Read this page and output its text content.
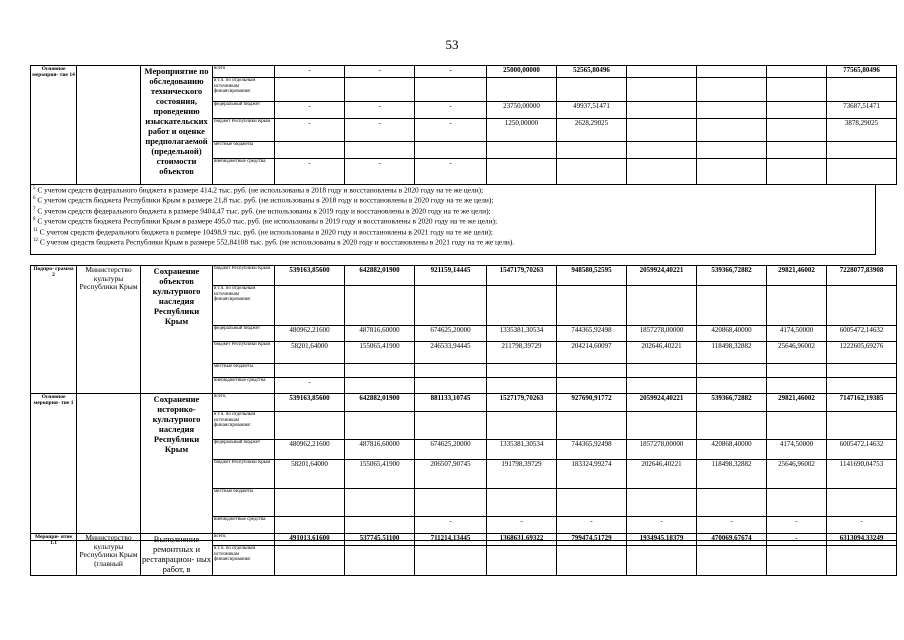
53
Основное мероприя- тие 14		Мероприятие по обследованию технического состояния, проведению изыскательских работ и оценке предполагаемой (предельной) стоимости объектов	всего	-	-	-	25000,00000	52565,80496				77565,80496
			в т.ч. по отдельным источникам финансирования:									
			федеральный бюджет	-	-	-	23750,00000	49937,51471				73687,51471
			бюджет Республики Крым	-	-	-	1250,00000	2628,29025				3878,29025
			местные бюджеты									
			внебюджетные средства	-	-	-						
$^5$ С учетом средств федерального бюджета в размере 414,2 тыс. руб. (не использованы в 2018 году и восстановлены в 2020 году на те же цели);
$^6$ С учетом средств бюджета Республики Крым в размере 21,8 тыс. руб. (не использованы в 2018 году и восстановлены в 2020 году на те же цели);
$^7$ С учетом средств федерального бюджета в размере 9404,47 тыс. руб. (не использованы в 2019 году и восстановлены в 2020 году на те же цели);
$^8$ С учетом средств бюджета Республики Крым в размере 495,0 тыс. руб. (не использованы в 2019 году и восстановлены в 2020 году на те же цели);
$^{11}$ С учетом средств федерального бюджета в размере 10498,9 тыс. руб. (не использованы в 2020 году и восстановлены в 2021 году на те же цели);
$^{12}$ С учетом средств бюджета Республики Крым в размере 552,84108 тыс. руб. (не использованы в 2020 году и восстановлены в 2021 году на те же цели).
Подпро- грамма 2	Министерство культуры Республики Крым	Сохранение объектов культурного наследия Республики Крым	бюджет Республики Крым	539163,85600	642882,01900	921159,14445	1547179,70263	948580,52595	2059924,40221	539366,72882	29821,46002	7228077,83908
			в т.ч. по отдельным источникам финансирования:									
			федеральный бюджет	480962,21600	487816,60000	674625,20000	1335381,30534	744365,92498	1857278,00000	420868,40000	4174,50000	6005472,14632
			бюджет Республики Крым	58201,64000	155065,41900	246533,94445	211798,39729	204214,60097	202646,40221	118498,32882	25646,96002	1222605,69276
			местные бюджеты									
			внебюджетные средства	-								
Основное мероприя- тие 1		Сохранение историко- культурного наследия Республики Крым	всего,	539163,85600	642882,01900	881133,10745	1527179,70263	927690,91772	2059924,40221	539366,72882	29821,46002	7147162,19385
			в т.ч. по отдельным источникам финансирования:									
			федеральный бюджет	480962,21600	487816,60000	674625,20000	1335381,30534	744365,92498	1857278,00000	420868,40000	4174,50000	6005472,14632
			бюджет Республики Крым	58201,64000	155065,41900	206507,90745	191798,39729	183324,99274	202646,40221	118498,32882	25646,96002	1141690,04753
			местные бюджеты									
			внебюджетные средства			-	-	-	-	-	-	-
Меропри- ятие 1.1	Министерство культуры Республики Крым (главный	Выполнение ремонтных и реставрацион- ных работ, в	всего,	491013,61600	537745,51100	711214,13445	1368631,69322	799474,51729	1934945,18379	470069,67674	-	6313094,33249
			в т.ч. по отдельным источникам финансирования:									
